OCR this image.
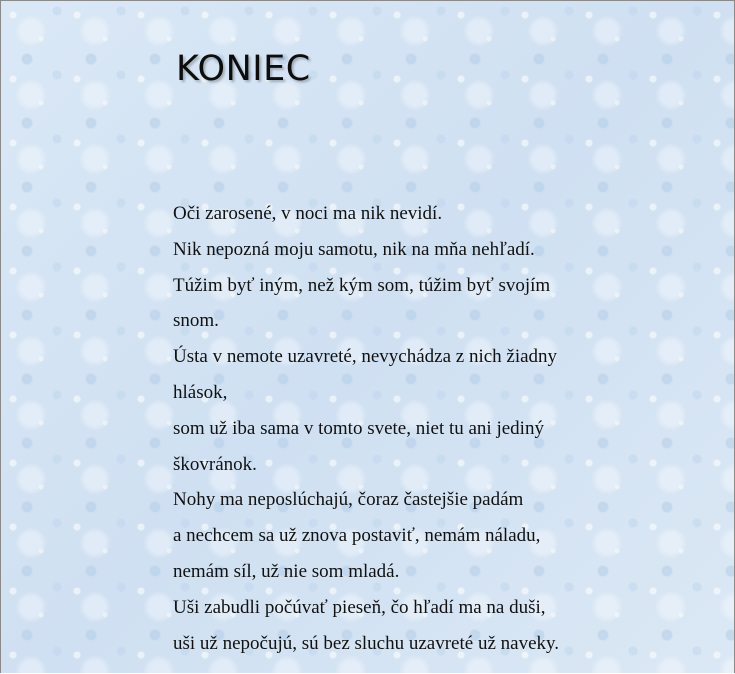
KONIEC
Oči zarosené, v noci ma nik nevidí.
Nik nepozná moju samotu, nik na mňa nehľadí.
Túžim byť iným, než kým som, túžim byť svojím
snom.
Ústa v nemote uzavreté, nevychádza z nich žiadny
hlások,
som už iba sama v tomto svete, niet tu ani jediný
škovránok.
Nohy ma neposlúchajú, čoraz častejšie padám
a nechcem sa už znova postaviť, nemám náladu,
nemám síl, už nie som mladá.
Uši zabudli počúvať pieseň, čo hľadí ma na duši,
uši už nepočujú, sú bez sluchu uzavreté už naveky.
